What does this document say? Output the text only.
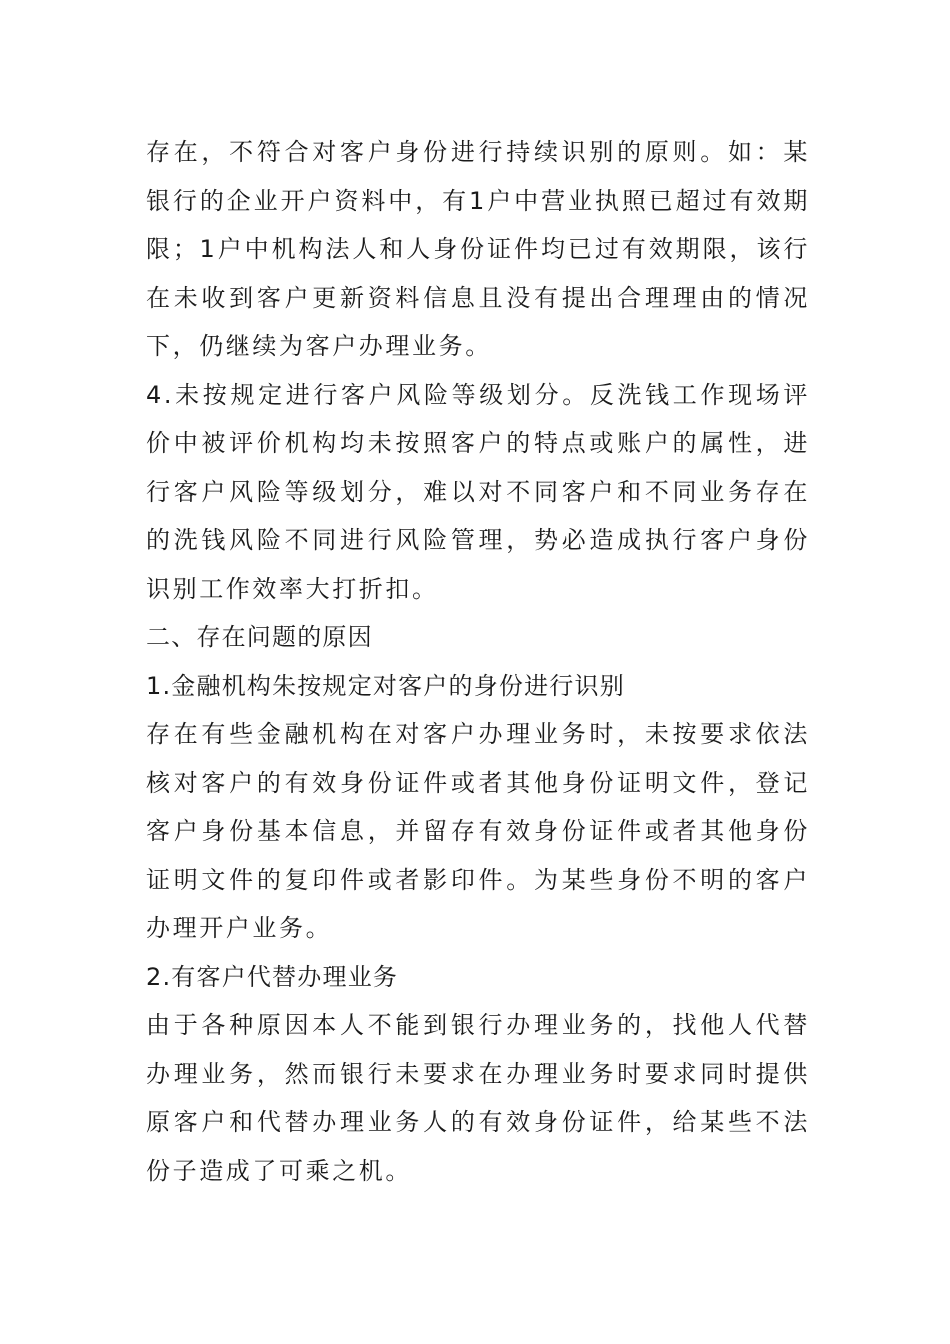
存在，不符合对客户身份进行持续识别的原则。如：某银行的企业开户资料中，有1户中营业执照已超过有效期限；1户中机构法人和人身份证件均已过有效期限，该行在未收到客户更新资料信息且没有提出合理理由的情况下，仍继续为客户办理业务。

4.未按规定进行客户风险等级划分。反洗钱工作现场评价中被评价机构均未按照客户的特点或账户的属性，进行客户风险等级划分，难以对不同客户和不同业务存在的洗钱风险不同进行风险管理，势必造成执行客户身份识别工作效率大打折扣。

二、存在问题的原因

1.金融机构朱按规定对客户的身份进行识别

存在有些金融机构在对客户办理业务时，未按要求依法核对客户的有效身份证件或者其他身份证明文件，登记客户身份基本信息，并留存有效身份证件或者其他身份证明文件的复印件或者影印件。为某些身份不明的客户办理开户业务。

2.有客户代替办理业务

由于各种原因本人不能到银行办理业务的，找他人代替办理业务，然而银行未要求在办理业务时要求同时提供原客户和代替办理业务人的有效身份证件，给某些不法份子造成了可乘之机。
